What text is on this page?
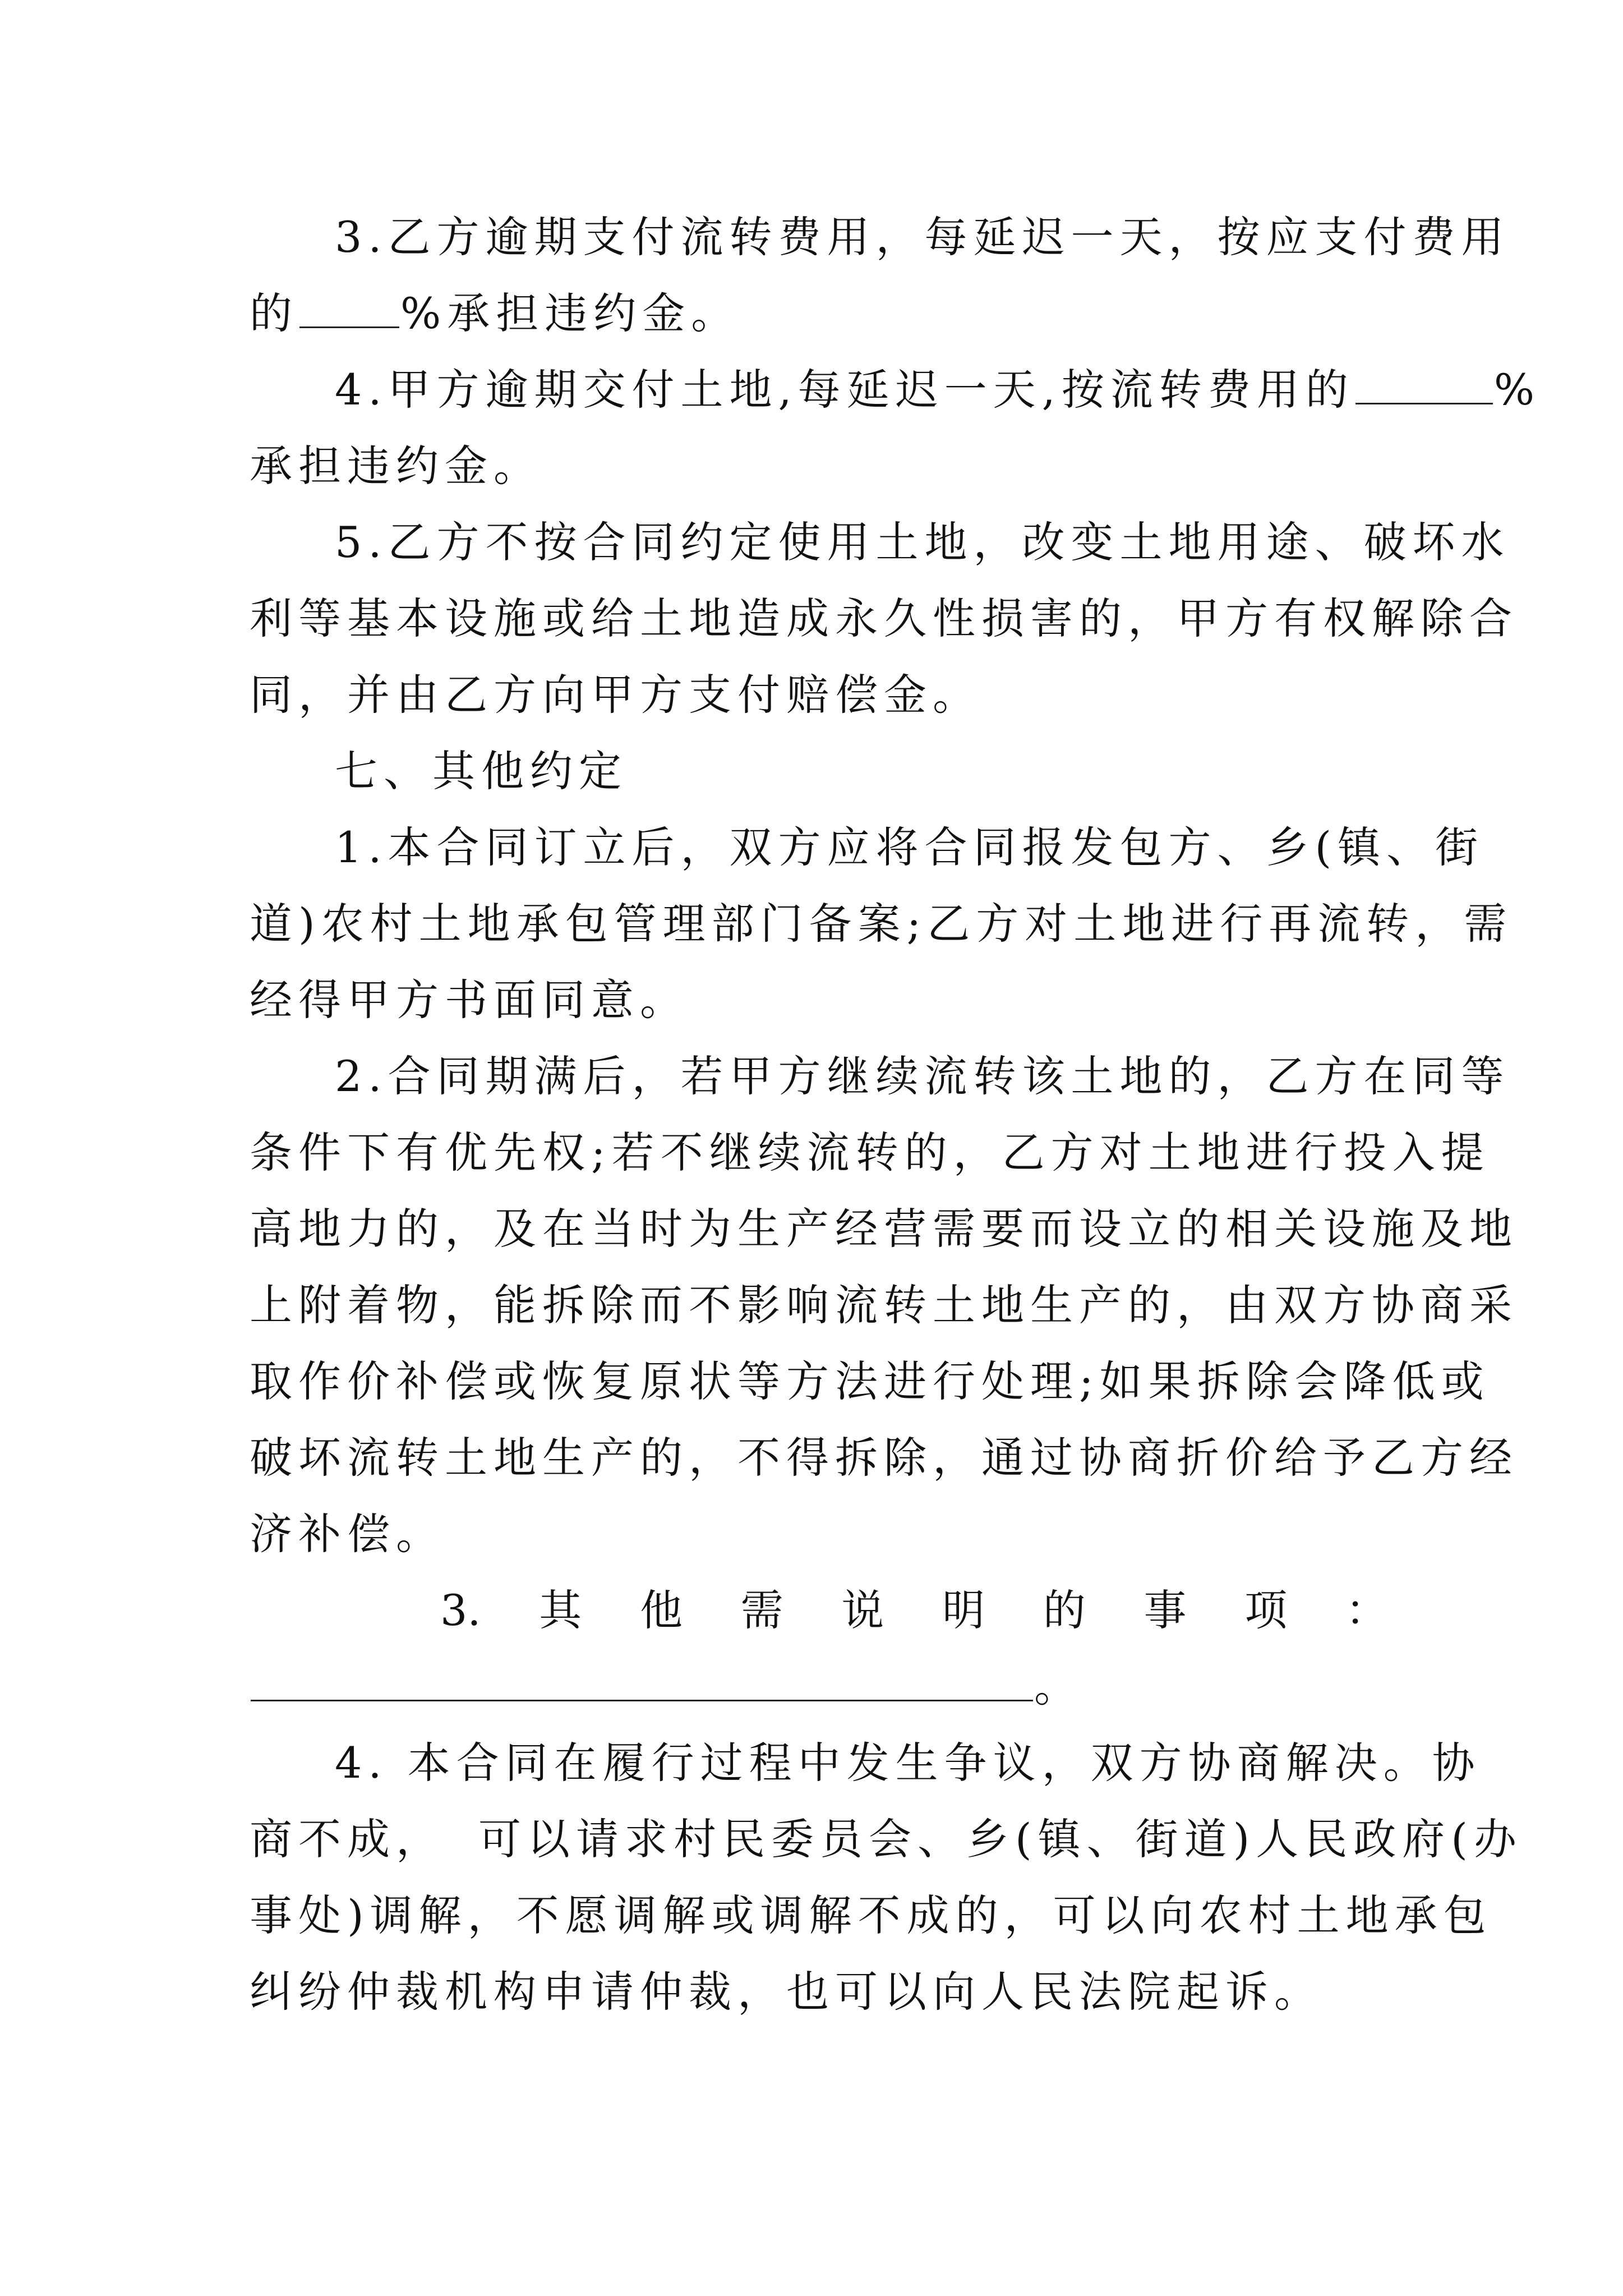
3.乙方逾期支付流转费用，每延迟一天，按应支付费用
的 %承担违约金。
4.甲方逾期交付土地,每延迟一天,按流转费用的	%
承担违约金。
5.乙方不按合同约定使用土地，改变土地用途、破坏水
利等基本设施或给土地造成永久性损害的，甲方有权解除合
同，并由乙方向甲方支付赔偿金。
七、其他约定
1.本合同订立后，双方应将合同报发包方、乡(镇、街
道)农村土地承包管理部门备案;乙方对土地进行再流转，需
经得甲方书面同意。
2.合同期满后，若甲方继续流转该土地的，乙方在同等
条件下有优先权;若不继续流转的，乙方对土地进行投入提
高地力的，及在当时为生产经营需要而设立的相关设施及地
上附着物，能拆除而不影响流转土地生产的，由双方协商采
取作价补偿或恢复原状等方法进行处理;如果拆除会降低或
破坏流转土地生产的，不得拆除，通过协商折价给予乙方经
济补偿。
3. 其 他 需 说 明 的 事 项 ：
。
4. 本合同在履行过程中发生争议，双方协商解决。协
商不成， 可以请求村民委员会、乡(镇、街道)人民政府(办
事处)调解，不愿调解或调解不成的，可以向农村土地承包
纠纷仲裁机构申请仲裁，也可以向人民法院起诉。
